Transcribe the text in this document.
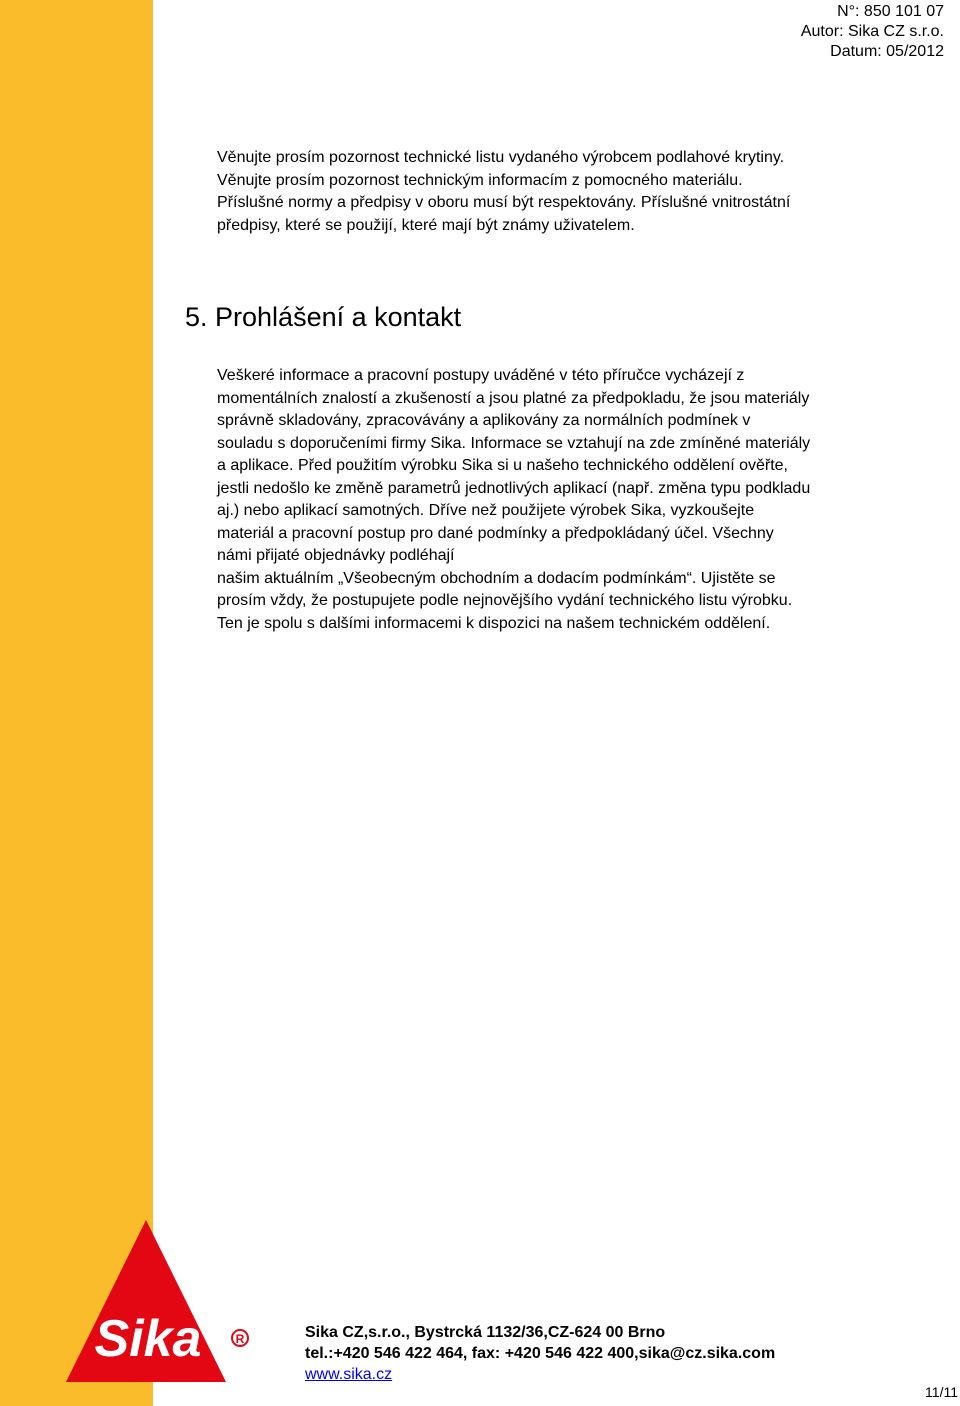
Sika	R
N°: 850 101 07
Autor: Sika CZ s.r.o.
Datum: 05/2012
Věnujte prosím pozornost technické listu vydaného výrobcem podlahové krytiny.
Věnujte prosím pozornost technickým informacím z pomocného materiálu.
Příslušné normy a předpisy v oboru musí být respektovány. Příslušné vnitrostátní
předpisy, které se použijí, které mají být známy uživatelem.
5. Prohlášení a kontakt
Veškeré informace a pracovní postupy uváděné v této příručce vycházejí z
momentálních znalostí a zkušeností a jsou platné za předpokladu, že jsou materiály
správně skladovány, zpracovávány a aplikovány za normálních podmínek v
souladu s doporučeními firmy Sika. Informace se vztahují na zde zmíněné materiály
a aplikace. Před použitím výrobku Sika si u našeho technického oddělení ověřte,
jestli nedošlo ke změně parametrů jednotlivých aplikací (např. změna typu podkladu
aj.) nebo aplikací samotných. Dříve než použijete výrobek Sika, vyzkoušejte
materiál a pracovní postup pro dané podmínky a předpokládaný účel. Všechny
námi přijaté objednávky podléhají
našim aktuálním „Všeobecným obchodním a dodacím podmínkám“. Ujistěte se
prosím vždy, že postupujete podle nejnovějšího vydání technického listu výrobku.
Ten je spolu s dalšími informacemi k dispozici na našem technickém oddělení.
Sika CZ,s.r.o., Bystrcká 1132/36,CZ-624 00 Brno
tel.:+420 546 422 464, fax: +420 546 422 400,sika@cz.sika.com
www.sika.cz
11/11
